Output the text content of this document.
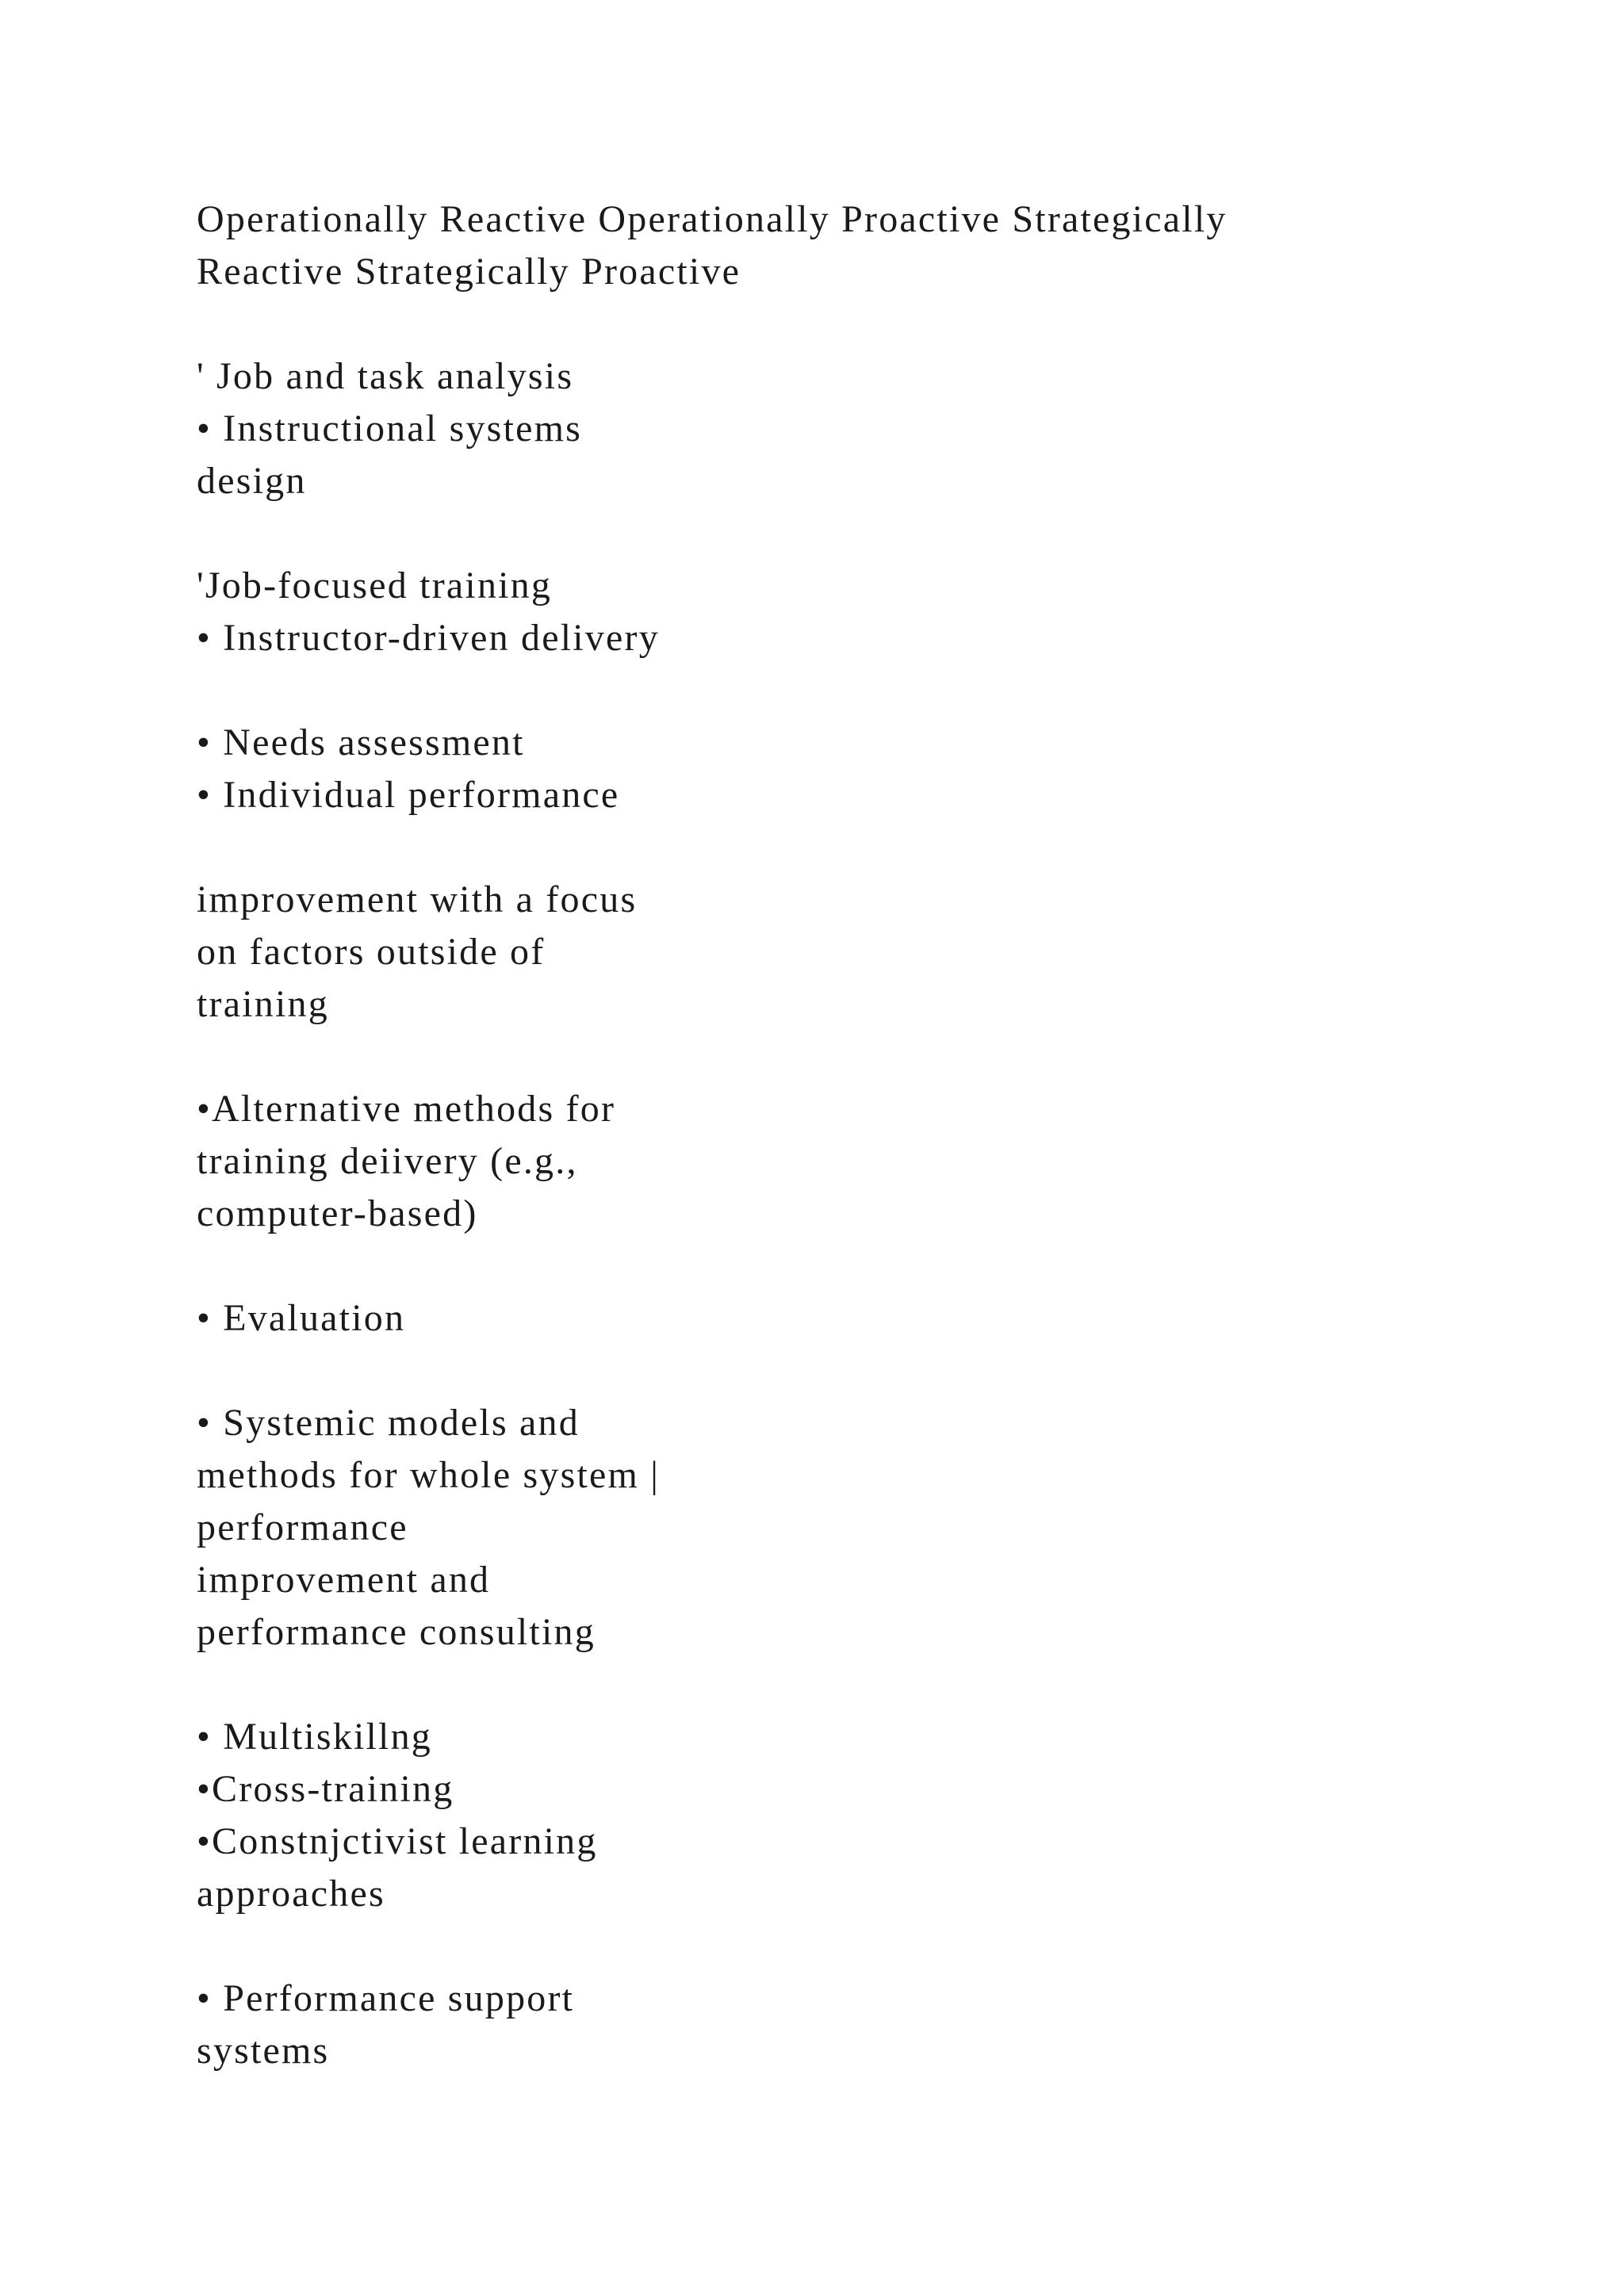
Operationally Reactive Operationally Proactive Strategically
Reactive Strategically Proactive
' Job and task analysis
• Instructional systems
design
'Job-focused training
• Instructor-driven delivery
• Needs assessment
• Individual performance
improvement with a focus
on factors outside of
training
•Alternative methods for
training deiivery (e.g.,
computer-based)
• Evaluation
• Systemic models and
methods for whole system |
performance
improvement and
performance consulting
• Multiskillng
•Cross-training
•Constnjctivist learning
approaches
• Performance support
systems
